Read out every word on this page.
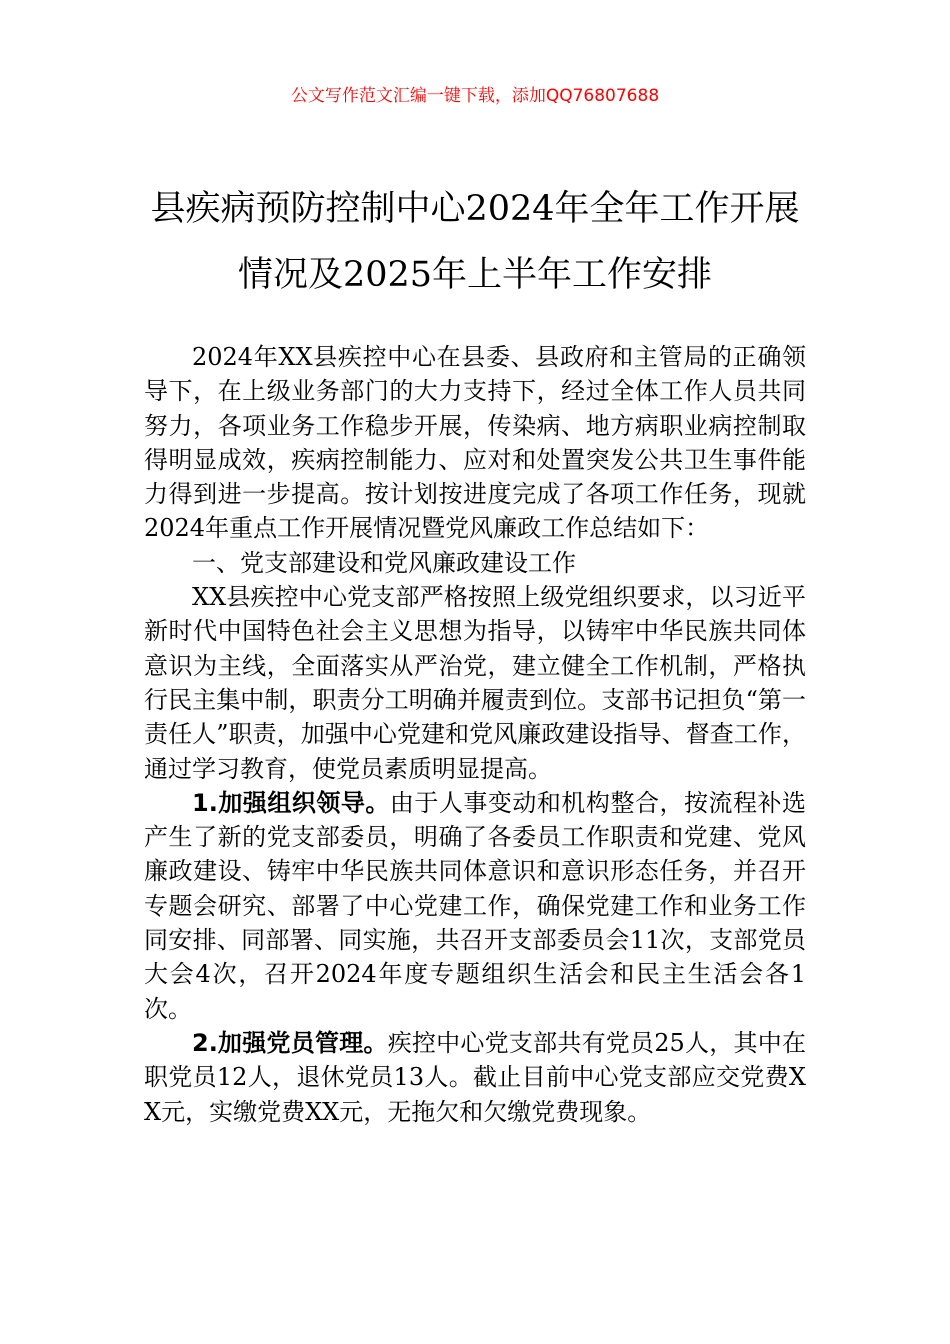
公文写作范文汇编一键下载，添加QQ76807688
县疾病预防控制中心2024年全年工作开展
情况及2025年上半年工作安排

2024年XX县疾控中心在县委、县政府和主管局的正确领导下，在上级业务部门的大力支持下，经过全体工作人员共同努力，各项业务工作稳步开展，传染病、地方病职业病控制取得明显成效，疾病控制能力、应对和处置突发公共卫生事件能力得到进一步提高。按计划按进度完成了各项工作任务，现就2024年重点工作开展情况暨党风廉政工作总结如下：

一、党支部建设和党风廉政建设工作

XX县疾控中心党支部严格按照上级党组织要求，以习近平新时代中国特色社会主义思想为指导，以铸牢中华民族共同体意识为主线，全面落实从严治党，建立健全工作机制，严格执行民主集中制，职责分工明确并履责到位。支部书记担负“第一责任人”职责，加强中心党建和党风廉政建设指导、督查工作，通过学习教育，使党员素质明显提高。

1.加强组织领导。由于人事变动和机构整合，按流程补选产生了新的党支部委员，明确了各委员工作职责和党建、党风廉政建设、铸牢中华民族共同体意识和意识形态任务，并召开专题会研究、部署了中心党建工作，确保党建工作和业务工作同安排、同部署、同实施，共召开支部委员会11次，支部党员大会4次，召开2024年度专题组织生活会和民主生活会各1次。

2.加强党员管理。疾控中心党支部共有党员25人，其中在职党员12人，退休党员13人。截止目前中心党支部应交党费XX元，实缴党费XX元，无拖欠和欠缴党费现象。
